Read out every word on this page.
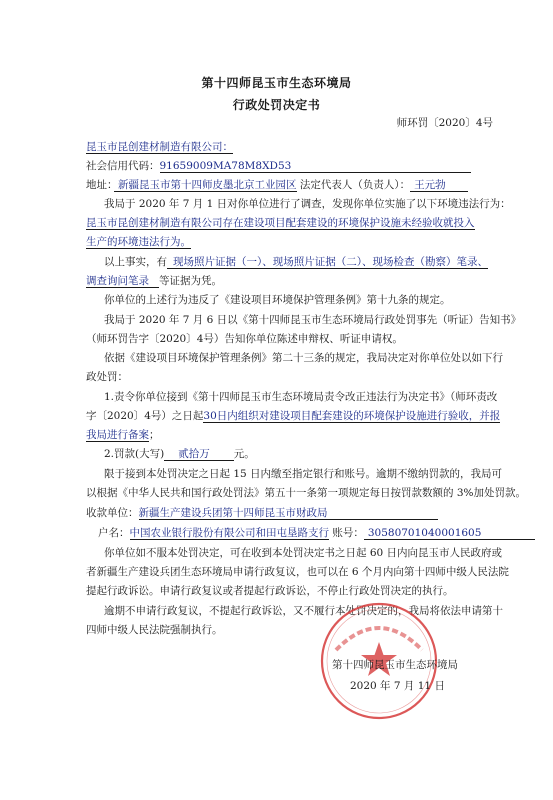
第十四师昆玉市生态环境局
行政处罚决定书
师环罚〔2020〕4号
昆玉市昆创建材制造有限公司：
社会信用代码：91659009MA78M8XD53
地址：新疆昆玉市第十四师皮墨北京工业园区 法定代表人（负责人）： 王元勃
我局于 2020 年 7 月 1 日对你单位进行了调查，发现你单位实施了以下环境违法行为：
昆玉市昆创建材制造有限公司存在建设项目配套建设的环境保护设施未经验收就投入
生产的环境违法行为。
以上事实，有 现场照片证据（一）、现场照片证据（二）、现场检查（勘察）笔录、
调查询问笔录 等证据为凭。
你单位的上述行为违反了《建设项目环境保护管理条例》第十九条的规定。
我局于 2020 年 7 月 6 日以《第十四师昆玉市生态环境局行政处罚事先（听证）告知书》
（师环罚告字〔2020〕4号）告知你单位陈述申辩权、听证申请权。
依据《建设项目环境保护管理条例》第二十三条的规定，我局决定对你单位处以如下行
政处罚：
1.责令你单位接到《第十四师昆玉市生态环境局责令改正违法行为决定书》（师环责改
字〔2020〕4号）之日起30日内组织对建设项目配套建设的环境保护设施进行验收，并报
我局进行备案；
2.罚款(大写) 贰拾万 元。
限于接到本处罚决定之日起 15 日内缴至指定银行和账号。逾期不缴纳罚款的，我局可
以根据《中华人民共和国行政处罚法》第五十一条第一项规定每日按罚款数额的 3%加处罚款。
收款单位：新疆生产建设兵团第十四师昆玉市财政局
户名：中国农业银行股份有限公司和田屯垦路支行 账号： 30580701040001605
你单位如不服本处罚决定，可在收到本处罚决定书之日起 60 日内向昆玉市人民政府或
者新疆生产建设兵团生态环境局申请行政复议，也可以在 6 个月内向第十四师中级人民法院
提起行政诉讼。申请行政复议或者提起行政诉讼，不停止行政处罚决定的执行。
逾期不申请行政复议，不提起行政诉讼，又不履行本处罚决定的，我局将依法申请第十
四师中级人民法院强制执行。
第十四师昆玉市生态环境局
2020 年 7 月 11 日
